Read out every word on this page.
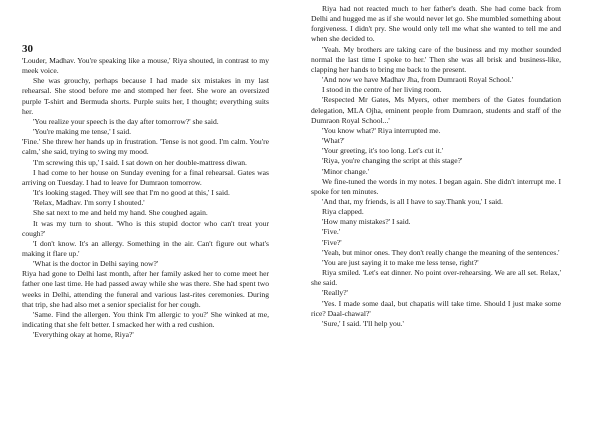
30

'Louder, Madhav. You're speaking like a mouse,' Riya shouted, in contrast to my meek voice.

She was grouchy, perhaps because I had made six mistakes in my last rehearsal. She stood before me and stomped her feet. She wore an oversized purple T-shirt and Bermuda shorts. Purple suits her, I thought; everything suits her.

'You realize your speech is the day after tomorrow?' she said.

'You're making me tense,' I said.

'Fine.' She threw her hands up in frustration. 'Tense is not good. I'm calm. You're calm,' she said, trying to swing my mood.

'I'm screwing this up,' I said. I sat down on her double-mattress diwan.

I had come to her house on Sunday evening for a final rehearsal. Gates was arriving on Tuesday. I had to leave for Dumraon tomorrow.

'It's looking staged. They will see that I'm no good at this,' I said.

'Relax, Madhav. I'm sorry I shouted.'

She sat next to me and held my hand. She coughed again.

It was my turn to shout. 'Who is this stupid doctor who can't treat your cough?'

'I don't know. It's an allergy. Something in the air. Can't figure out what's making it flare up.'

'What is the doctor in Delhi saying now?'

Riya had gone to Delhi last month, after her family asked her to come meet her father one last time. He had passed away while she was there. She had spent two weeks in Delhi, attending the funeral and various last-rites ceremonies. During that trip, she had also met a senior specialist for her cough.

'Same. Find the allergen. You think I'm allergic to you?' She winked at me, indicating that she felt better. I smacked her with a red cushion.

'Everything okay at home, Riya?'

Riya had not reacted much to her father's death. She had come back from Delhi and hugged me as if she would never let go. She mumbled something about forgiveness. I didn't pry. She would only tell me what she wanted to tell me and when she decided to.

'Yeah. My brothers are taking care of the business and my mother sounded normal the last time I spoke to her.' Then she was all brisk and business-like, clapping her hands to bring me back to the present.

'And now we have Madhav Jha, from Dumraoti Royal School.'

I stood in the centre of her living room.

'Respected Mr Gates, Ms Myers, other members of the Gates foundation delegation, MLA Ojha, eminent people from Dumraon, students and staff of the Dumraon Royal School...'

'You know what?' Riya interrupted me.

'What?'

'Your greeting, it's too long. Let's cut it.'

'Riya, you're changing the script at this stage?'

'Minor change.'

We fine-tuned the words in my notes. I began again. She didn't interrupt me. I spoke for ten minutes.

'And that, my friends, is all I have to say.Thank you,' I said.

Riya clapped.

'How many mistakes?' I said.

'Five.'

'Five?'

'Yeah, but minor ones. They don't really change the meaning of the sentences.'

'You are just saying it to make me less tense, right?'

Riya smiled. 'Let's eat dinner. No point over-rehearsing. We are all set. Relax,' she said.

'Really?'

'Yes. I made some daal, but chapatis will take time. Should I just make some rice? Daal-chawal?'

'Sure,' I said. 'I'll help you.'
